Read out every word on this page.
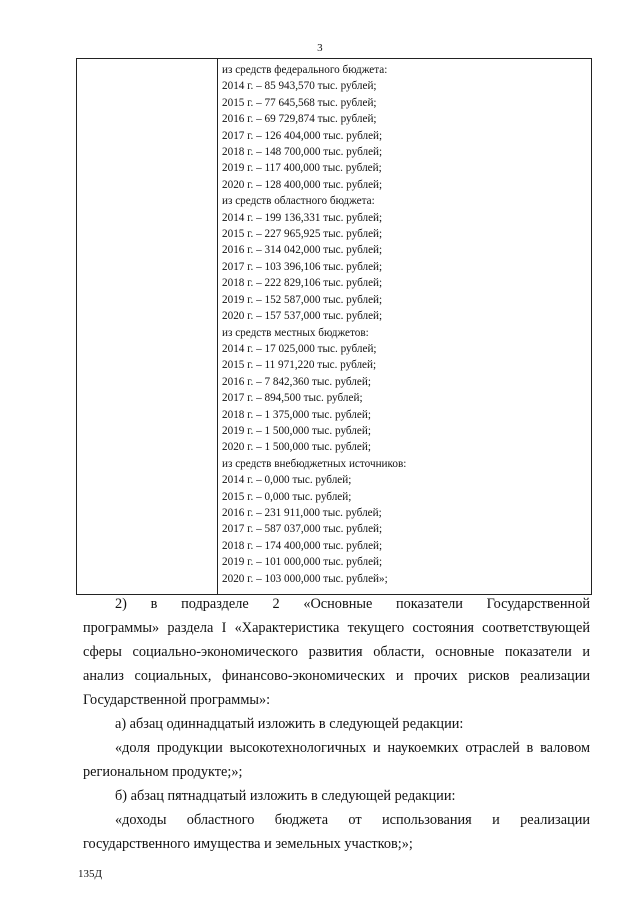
3
из средств федерального бюджета:
2014 г. – 85 943,570 тыс. рублей;
2015 г. – 77 645,568 тыс. рублей;
2016 г. – 69 729,874 тыс. рублей;
2017 г. – 126 404,000 тыс. рублей;
2018 г. – 148 700,000 тыс. рублей;
2019 г. – 117 400,000 тыс. рублей;
2020 г. – 128 400,000 тыс. рублей;
из средств областного бюджета:
2014 г. – 199 136,331 тыс. рублей;
2015 г. – 227 965,925 тыс. рублей;
2016 г. – 314 042,000 тыс. рублей;
2017 г. – 103 396,106 тыс. рублей;
2018 г. – 222 829,106 тыс. рублей;
2019 г. – 152 587,000 тыс. рублей;
2020 г. – 157 537,000 тыс. рублей;
из средств местных бюджетов:
2014 г. – 17 025,000 тыс. рублей;
2015 г. – 11 971,220 тыс. рублей;
2016 г. – 7 842,360 тыс. рублей;
2017 г. – 894,500 тыс. рублей;
2018 г. – 1 375,000 тыс. рублей;
2019 г. – 1 500,000 тыс. рублей;
2020 г. – 1 500,000 тыс. рублей;
из средств внебюджетных источников:
2014 г. – 0,000 тыс. рублей;
2015 г. – 0,000 тыс. рублей;
2016 г. – 231 911,000 тыс. рублей;
2017 г. – 587 037,000 тыс. рублей;
2018 г. – 174 400,000 тыс. рублей;
2019 г. – 101 000,000 тыс. рублей;
2020 г. – 103 000,000 тыс. рублей»;

2) в подразделе 2 «Основные показатели Государственной

программы» раздела I «Характеристика текущего состояния соответствующей сферы социально-экономического развития области, основные показатели и анализ социальных, финансово-экономических и прочих рисков реализации Государственной программы»:

а) абзац одиннадцатый изложить в следующей редакции:

«доля продукции высокотехнологичных и наукоемких отраслей в валовом региональном продукте;»;

б) абзац пятнадцатый изложить в следующей редакции:

«доходы областного бюджета от использования и реализации государственного имущества и земельных участков;»;

135Д
